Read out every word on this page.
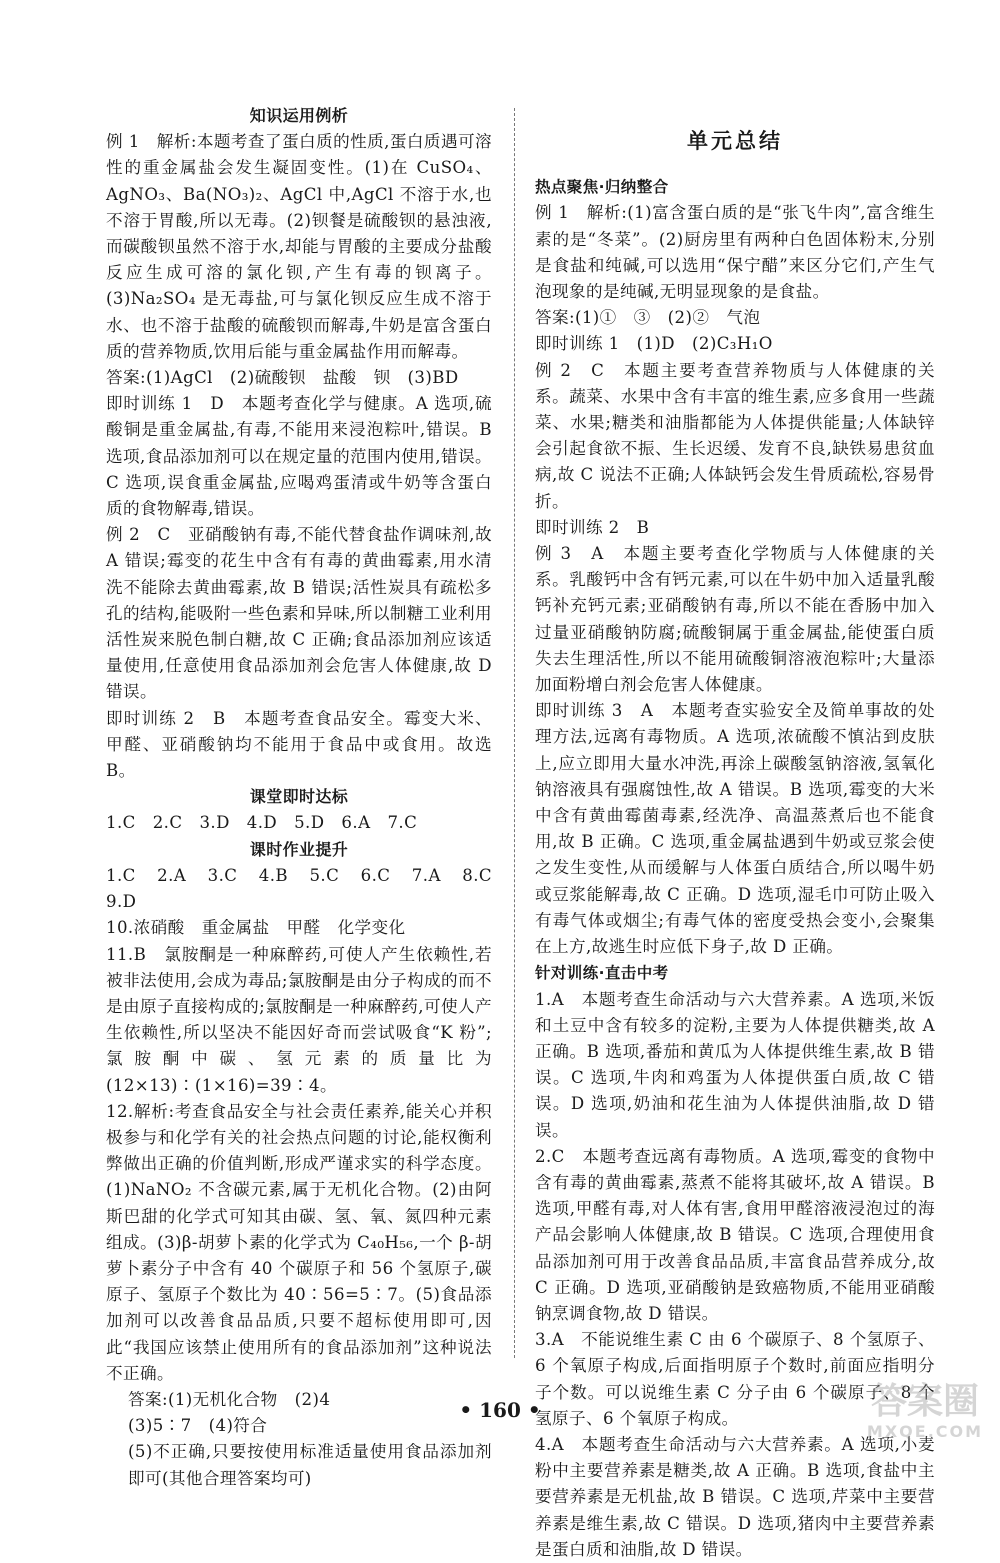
知识运用例析

例 1　解析:本题考查了蛋白质的性质,蛋白质遇可溶性的重金属盐会发生凝固变性。(1)在 CuSO₄、AgNO₃、Ba(NO₃)₂、AgCl 中,AgCl 不溶于水,也不溶于胃酸,所以无毒。(2)钡餐是硫酸钡的悬浊液,而碳酸钡虽然不溶于水,却能与胃酸的主要成分盐酸反应生成可溶的氯化钡,产生有毒的钡离子。(3)Na₂SO₄ 是无毒盐,可与氯化钡反应生成不溶于水、也不溶于盐酸的硫酸钡而解毒,牛奶是富含蛋白质的营养物质,饮用后能与重金属盐作用而解毒。

答案:(1)AgCl　(2)硫酸钡　盐酸　钡　(3)BD

即时训练 1　D　本题考查化学与健康。A 选项,硫酸铜是重金属盐,有毒,不能用来浸泡粽叶,错误。B 选项,食品添加剂可以在规定量的范围内使用,错误。C 选项,误食重金属盐,应喝鸡蛋清或牛奶等含蛋白质的食物解毒,错误。

例 2　C　亚硝酸钠有毒,不能代替食盐作调味剂,故 A 错误;霉变的花生中含有有毒的黄曲霉素,用水清洗不能除去黄曲霉素,故 B 错误;活性炭具有疏松多孔的结构,能吸附一些色素和异味,所以制糖工业利用活性炭来脱色制白糖,故 C 正确;食品添加剂应该适量使用,任意使用食品添加剂会危害人体健康,故 D 错误。

即时训练 2　B　本题考查食品安全。霉变大米、甲醛、亚硝酸钠均不能用于食品中或食用。故选 B。

课堂即时达标

1.C　2.C　3.D　4.D　5.D　6.A　7.C

课时作业提升

1.C　2.A　3.C　4.B　5.C　6.C　7.A　8.C　9.D

10.浓硝酸　重金属盐　甲醛　化学变化

11.B　氯胺酮是一种麻醉药,可使人产生依赖性,若被非法使用,会成为毒品;氯胺酮是由分子构成的而不是由原子直接构成的;氯胺酮是一种麻醉药,可使人产生依赖性,所以坚决不能因好奇而尝试吸食“K 粉”;氯胺酮中碳、氢元素的质量比为(12×13)∶(1×16)=39∶4。

12.解析:考查食品安全与社会责任素养,能关心并积极参与和化学有关的社会热点问题的讨论,能权衡利弊做出正确的价值判断,形成严谨求实的科学态度。(1)NaNO₂ 不含碳元素,属于无机化合物。(2)由阿斯巴甜的化学式可知其由碳、氢、氧、氮四种元素组成。(3)β-胡萝卜素的化学式为 C₄₀H₅₆,一个 β-胡萝卜素分子中含有 40 个碳原子和 56 个氢原子,碳原子、氢原子个数比为 40∶56=5∶7。(5)食品添加剂可以改善食品品质,只要不超标使用即可,因此“我国应该禁止使用所有的食品添加剂”这种说法不正确。

答案:(1)无机化合物　(2)4

(3)5∶7　(4)符合

(5)不正确,只要按使用标准适量使用食品添加剂即可(其他合理答案均可)

单元总结

热点聚焦·归纳整合

例 1　解析:(1)富含蛋白质的是“张飞牛肉”,富含维生素的是“冬菜”。(2)厨房里有两种白色固体粉末,分别是食盐和纯碱,可以选用“保宁醋”来区分它们,产生气泡现象的是纯碱,无明显现象的是食盐。

答案:(1)①　③　(2)②　气泡

即时训练 1　(1)D　(2)C₃H₁O

例 2　C　本题主要考查营养物质与人体健康的关系。蔬菜、水果中含有丰富的维生素,应多食用一些蔬菜、水果;糖类和油脂都能为人体提供能量;人体缺锌会引起食欲不振、生长迟缓、发育不良,缺铁易患贫血病,故 C 说法不正确;人体缺钙会发生骨质疏松,容易骨折。

即时训练 2　B

例 3　A　本题主要考查化学物质与人体健康的关系。乳酸钙中含有钙元素,可以在牛奶中加入适量乳酸钙补充钙元素;亚硝酸钠有毒,所以不能在香肠中加入过量亚硝酸钠防腐;硫酸铜属于重金属盐,能使蛋白质失去生理活性,所以不能用硫酸铜溶液泡粽叶;大量添加面粉增白剂会危害人体健康。

即时训练 3　A　本题考查实验安全及简单事故的处理方法,远离有毒物质。A 选项,浓硫酸不慎沾到皮肤上,应立即用大量水冲洗,再涂上碳酸氢钠溶液,氢氧化钠溶液具有强腐蚀性,故 A 错误。B 选项,霉变的大米中含有黄曲霉菌毒素,经洗净、高温蒸煮后也不能食用,故 B 正确。C 选项,重金属盐遇到牛奶或豆浆会使之发生变性,从而缓解与人体蛋白质结合,所以喝牛奶或豆浆能解毒,故 C 正确。D 选项,湿毛巾可防止吸入有毒气体或烟尘;有毒气体的密度受热会变小,会聚集在上方,故逃生时应低下身子,故 D 正确。

针对训练·直击中考

1.A　本题考查生命活动与六大营养素。A 选项,米饭和土豆中含有较多的淀粉,主要为人体提供糖类,故 A 正确。B 选项,番茄和黄瓜为人体提供维生素,故 B 错误。C 选项,牛肉和鸡蛋为人体提供蛋白质,故 C 错误。D 选项,奶油和花生油为人体提供油脂,故 D 错误。

2.C　本题考查远离有毒物质。A 选项,霉变的食物中含有毒的黄曲霉素,蒸煮不能将其破坏,故 A 错误。B 选项,甲醛有毒,对人体有害,食用甲醛溶液浸泡过的海产品会影响人体健康,故 B 错误。C 选项,合理使用食品添加剂可用于改善食品品质,丰富食品营养成分,故 C 正确。D 选项,亚硝酸钠是致癌物质,不能用亚硝酸钠烹调食物,故 D 错误。

3.A　不能说维生素 C 由 6 个碳原子、8 个氢原子、6 个氧原子构成,后面指明原子个数时,前面应指明分子个数。可以说维生素 C 分子由 6 个碳原子、8 个氢原子、6 个氧原子构成。

4.A　本题考查生命活动与六大营养素。A 选项,小麦粉中主要营养素是糖类,故 A 正确。B 选项,食盐中主要营养素是无机盐,故 B 错误。C 选项,芹菜中主要营养素是维生素,故 C 错误。D 选项,猪肉中主要营养素是蛋白质和油脂,故 D 错误。

• 160 •	答案圈
MXQE.COM
